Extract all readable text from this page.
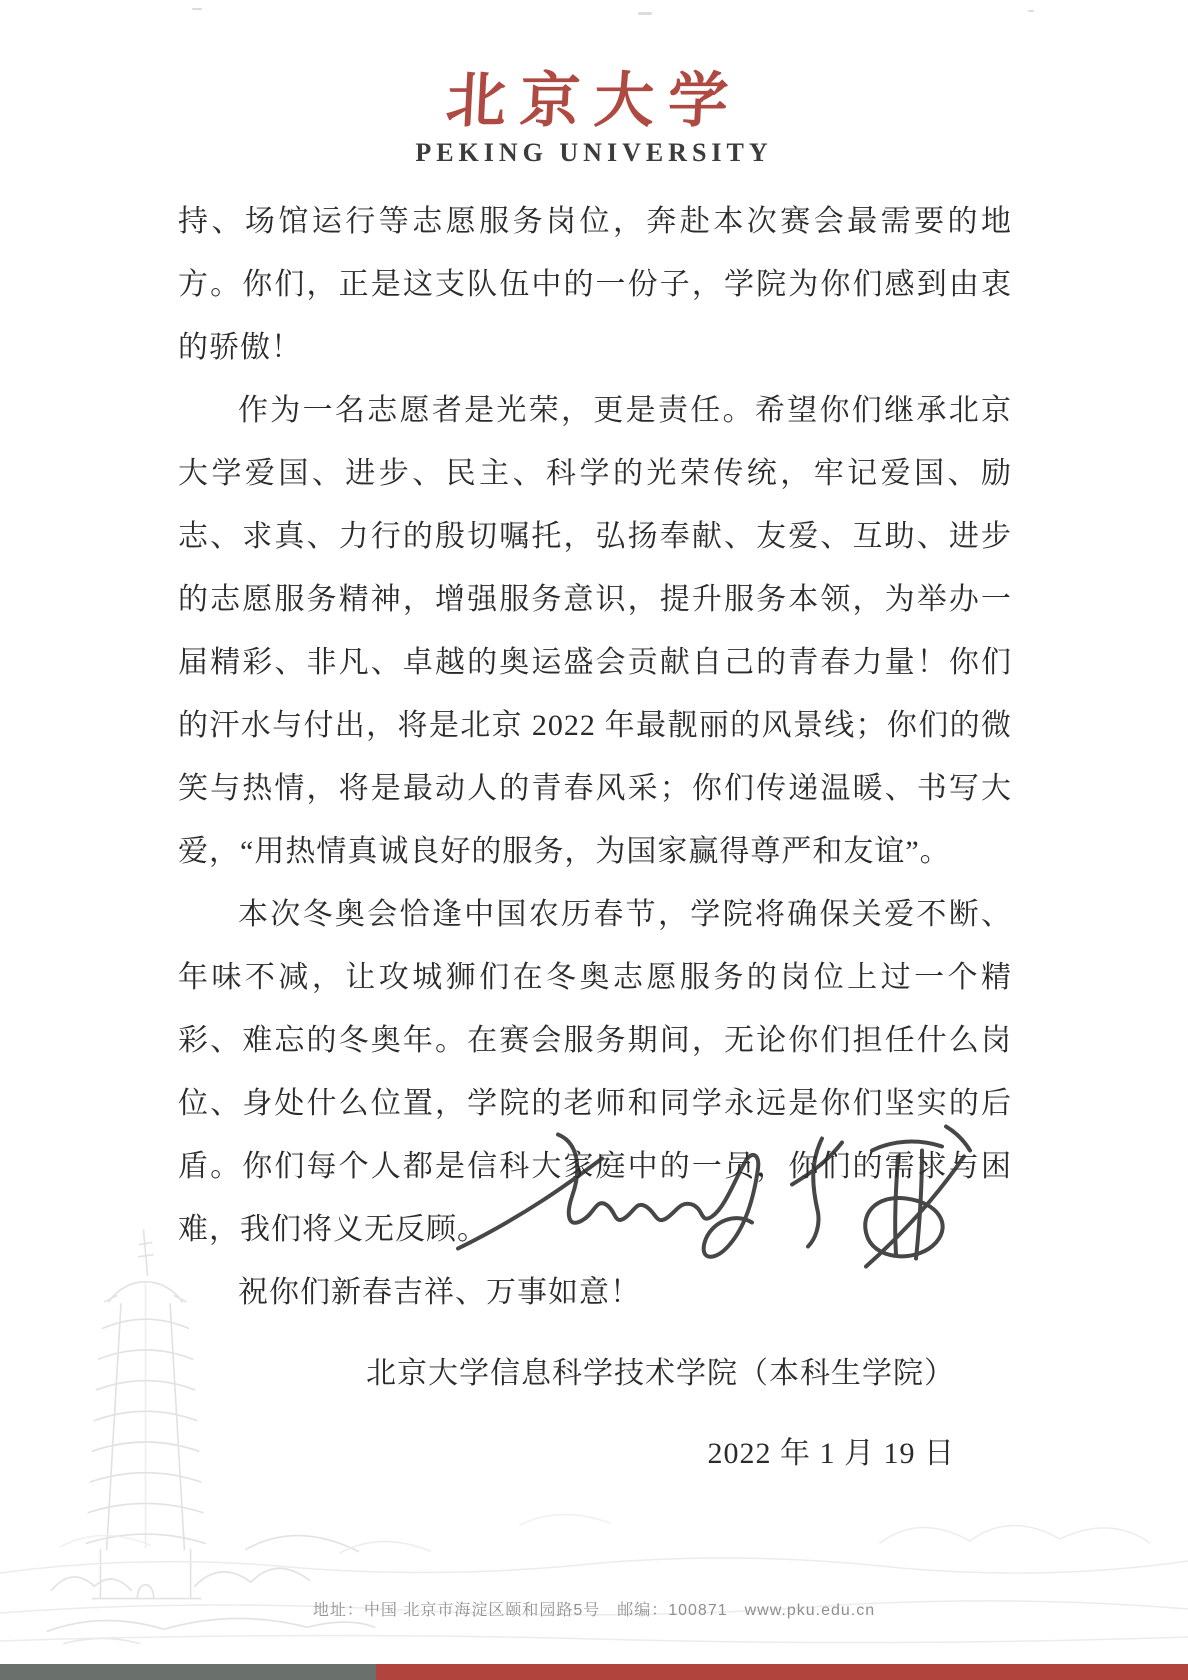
北京大学
PEKING UNIVERSITY

持、场馆运行等志愿服务岗位，奔赴本次赛会最需要的地方。你们，正是这支队伍中的一份子，学院为你们感到由衷的骄傲！

作为一名志愿者是光荣，更是责任。希望你们继承北京大学爱国、进步、民主、科学的光荣传统，牢记爱国、励志、求真、力行的殷切嘱托，弘扬奉献、友爱、互助、进步的志愿服务精神，增强服务意识，提升服务本领，为举办一届精彩、非凡、卓越的奥运盛会贡献自己的青春力量！你们的汗水与付出，将是北京 2022 年最靓丽的风景线；你们的微笑与热情，将是最动人的青春风采；你们传递温暖、书写大爱，“用热情真诚良好的服务，为国家赢得尊严和友谊”。

本次冬奥会恰逢中国农历春节，学院将确保关爱不断、年味不减，让攻城狮们在冬奥志愿服务的岗位上过一个精彩、难忘的冬奥年。在赛会服务期间，无论你们担任什么岗位、身处什么位置，学院的老师和同学永远是你们坚实的后盾。你们每个人都是信科大家庭中的一员，你们的需求与困难，我们将义无反顾。

祝你们新春吉祥、万事如意！

北京大学信息科学技术学院（本科生学院）
2022 年 1 月 19 日
地址：中国 北京市海淀区颐和园路5号　邮编：100871　www.pku.edu.cn
